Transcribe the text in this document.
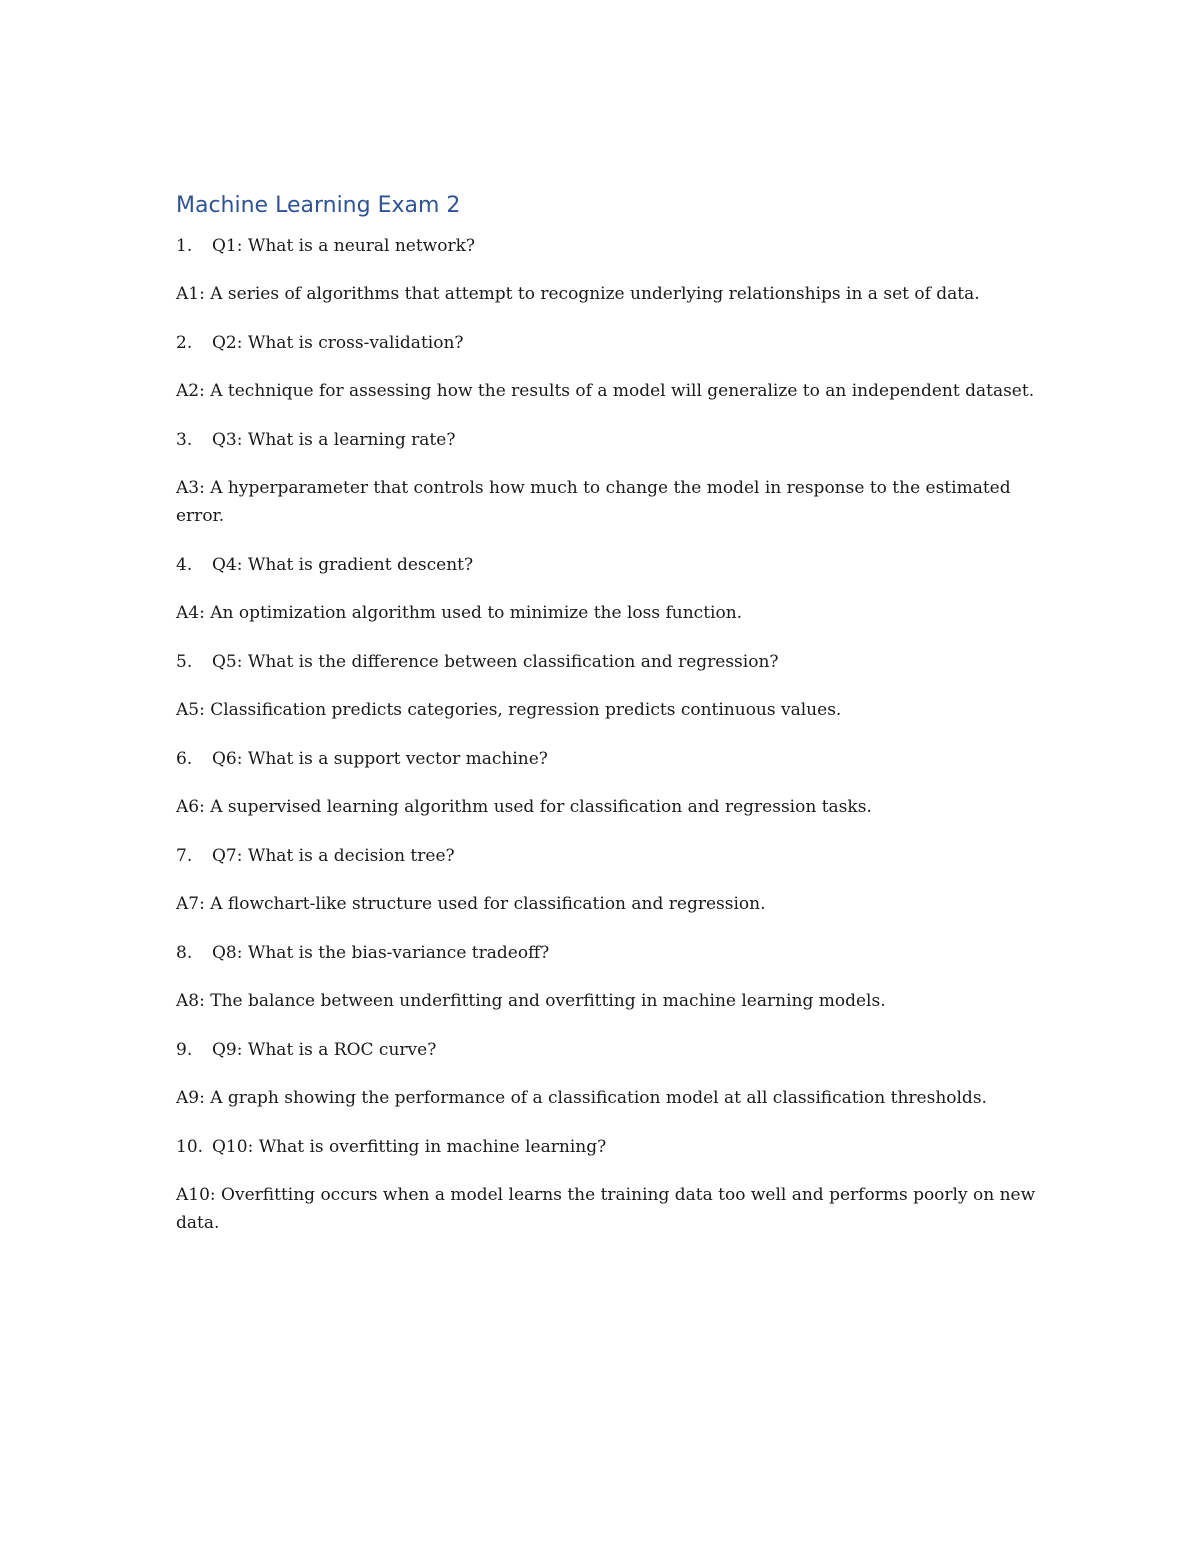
Machine Learning Exam 2
1.	Q1: What is a neural network?

A1: A series of algorithms that attempt to recognize underlying relationships in a set of data.

2.	Q2: What is cross-validation?

A2: A technique for assessing how the results of a model will generalize to an independent dataset.

3.	Q3: What is a learning rate?

A3: A hyperparameter that controls how much to change the model in response to the estimated error.

4.	Q4: What is gradient descent?

A4: An optimization algorithm used to minimize the loss function.

5.	Q5: What is the difference between classification and regression?

A5: Classification predicts categories, regression predicts continuous values.

6.	Q6: What is a support vector machine?

A6: A supervised learning algorithm used for classification and regression tasks.

7.	Q7: What is a decision tree?

A7: A flowchart-like structure used for classification and regression.

8.	Q8: What is the bias-variance tradeoff?

A8: The balance between underfitting and overfitting in machine learning models.

9.	Q9: What is a ROC curve?

A9: A graph showing the performance of a classification model at all classification thresholds.

10. Q10: What is overfitting in machine learning?

A10: Overfitting occurs when a model learns the training data too well and performs poorly on new data.
